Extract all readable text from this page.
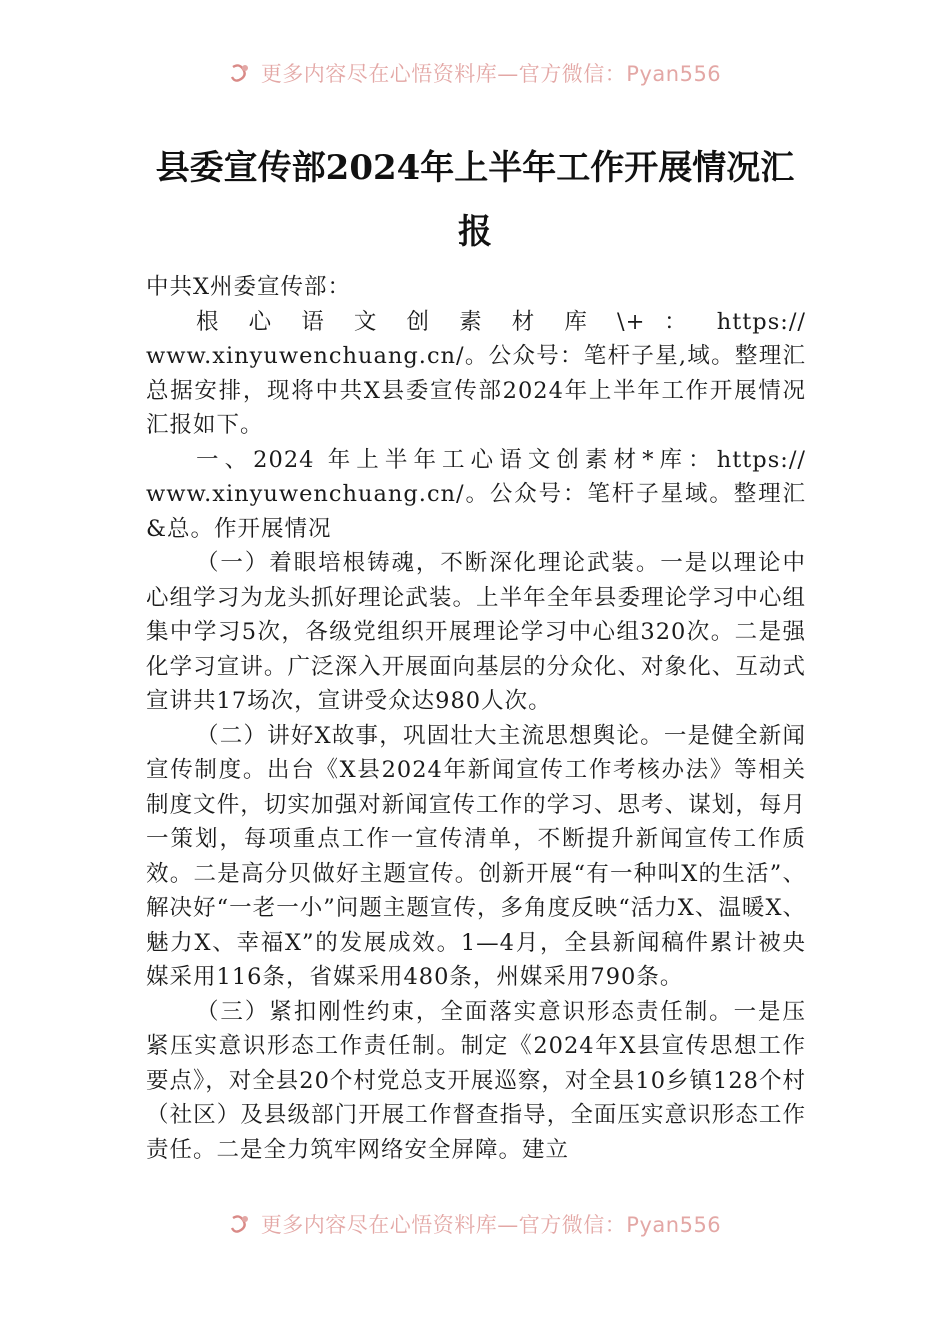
更多内容尽在心悟资料库—官方微信：Pyan556
县委宣传部2024年上半年工作开展情况汇
报

中共X州委宣传部：

根 心 语 文 创 素 材 库 \+ ： https://

www.xinyuwenchuang.cn/。公众号：笔杆子星,域。整理汇总据安排，现将中共X县委宣传部2024年上半年工作开展情况汇报如下。

一、2024 年上半年工心语文创素材*库：https://

www.xinyuwenchuang.cn/。公众号：笔杆子星域。整理汇&总。作开展情况

（一）着眼培根铸魂，不断深化理论武装。一是以理论中心组学习为龙头抓好理论武装。上半年全年县委理论学习中心组集中学习5次，各级党组织开展理论学习中心组320次。二是强化学习宣讲。广泛深入开展面向基层的分众化、对象化、互动式宣讲共17场次，宣讲受众达980人次。

（二）讲好X故事，巩固壮大主流思想舆论。一是健全新闻宣传制度。出台《X县2024年新闻宣传工作考核办法》等相关制度文件，切实加强对新闻宣传工作的学习、思考、谋划，每月一策划，每项重点工作一宣传清单，不断提升新闻宣传工作质效。二是高分贝做好主题宣传。创新开展“有一种叫X的生活”、解决好“一老一小”问题主题宣传，多角度反映“活力X、温暖X、魅力X、幸福X”的发展成效。1—4月，全县新闻稿件累计被央媒采用116条，省媒采用480条，州媒采用790条。

（三）紧扣刚性约束，全面落实意识形态责任制。一是压紧压实意识形态工作责任制。制定《2024年X县宣传思想工作要点》，对全县20个村党总支开展巡察，对全县10乡镇128个村（社区）及县级部门开展工作督查指导，全面压实意识形态工作责任。二是全力筑牢网络安全屏障。建立

更多内容尽在心悟资料库—官方微信：Pyan556
